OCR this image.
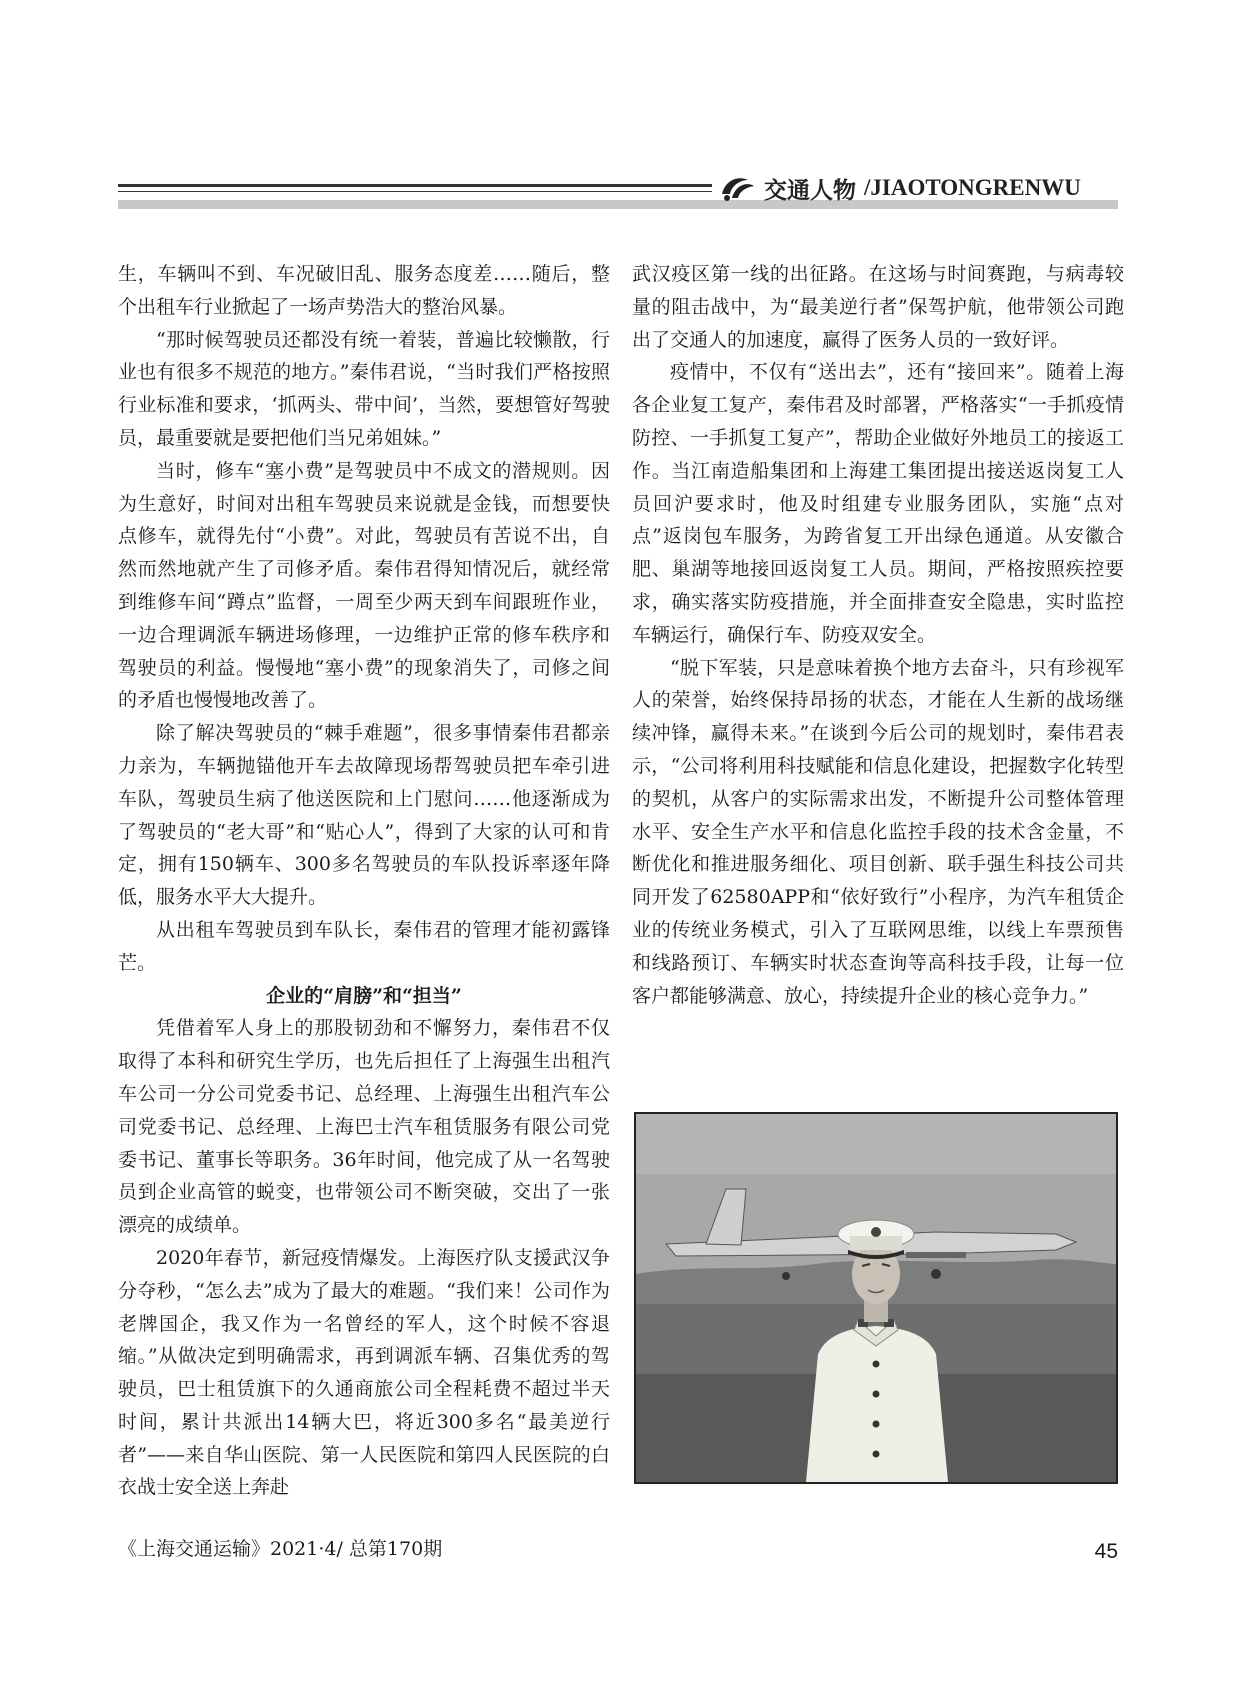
交通人物 /JIAOTONGRENWU

生，车辆叫不到、车况破旧乱、服务态度差……随后，整个出租车行业掀起了一场声势浩大的整治风暴。

“那时候驾驶员还都没有统一着装，普遍比较懒散，行业也有很多不规范的地方。”秦伟君说，“当时我们严格按照行业标准和要求，‘抓两头、带中间’，当然，要想管好驾驶员，最重要就是要把他们当兄弟姐妹。”

当时，修车“塞小费”是驾驶员中不成文的潜规则。因为生意好，时间对出租车驾驶员来说就是金钱，而想要快点修车，就得先付“小费”。对此，驾驶员有苦说不出，自然而然地就产生了司修矛盾。秦伟君得知情况后，就经常到维修车间“蹲点”监督，一周至少两天到车间跟班作业，一边合理调派车辆进场修理，一边维护正常的修车秩序和驾驶员的利益。慢慢地“塞小费”的现象消失了，司修之间的矛盾也慢慢地改善了。

除了解决驾驶员的“棘手难题”，很多事情秦伟君都亲力亲为，车辆抛锚他开车去故障现场帮驾驶员把车牵引进车队，驾驶员生病了他送医院和上门慰问……他逐渐成为了驾驶员的“老大哥”和“贴心人”，得到了大家的认可和肯定，拥有150辆车、300多名驾驶员的车队投诉率逐年降低，服务水平大大提升。

从出租车驾驶员到车队长，秦伟君的管理才能初露锋芒。

企业的“肩膀”和“担当”

凭借着军人身上的那股韧劲和不懈努力，秦伟君不仅取得了本科和研究生学历，也先后担任了上海强生出租汽车公司一分公司党委书记、总经理、上海强生出租汽车公司党委书记、总经理、上海巴士汽车租赁服务有限公司党委书记、董事长等职务。36年时间，他完成了从一名驾驶员到企业高管的蜕变，也带领公司不断突破，交出了一张漂亮的成绩单。

2020年春节，新冠疫情爆发。上海医疗队支援武汉争分夺秒，“怎么去”成为了最大的难题。“我们来！公司作为老牌国企，我又作为一名曾经的军人，这个时候不容退缩。”从做决定到明确需求，再到调派车辆、召集优秀的驾驶员，巴士租赁旗下的久通商旅公司全程耗费不超过半天时间，累计共派出14辆大巴，将近300多名“最美逆行者”——来自华山医院、第一人民医院和第四人民医院的白衣战士安全送上奔赴

武汉疫区第一线的出征路。在这场与时间赛跑，与病毒较量的阻击战中，为“最美逆行者”保驾护航，他带领公司跑出了交通人的加速度，赢得了医务人员的一致好评。

疫情中，不仅有“送出去”，还有“接回来”。随着上海各企业复工复产，秦伟君及时部署，严格落实“一手抓疫情防控、一手抓复工复产”，帮助企业做好外地员工的接返工作。当江南造船集团和上海建工集团提出接送返岗复工人员回沪要求时，他及时组建专业服务团队，实施“点对点”返岗包车服务，为跨省复工开出绿色通道。从安徽合肥、巢湖等地接回返岗复工人员。期间，严格按照疾控要求，确实落实防疫措施，并全面排查安全隐患，实时监控车辆运行，确保行车、防疫双安全。

“脱下军装，只是意味着换个地方去奋斗，只有珍视军人的荣誉，始终保持昂扬的状态，才能在人生新的战场继续冲锋，赢得未来。”在谈到今后公司的规划时，秦伟君表示，“公司将利用科技赋能和信息化建设，把握数字化转型的契机，从客户的实际需求出发，不断提升公司整体管理水平、安全生产水平和信息化监控手段的技术含金量，不断优化和推进服务细化、项目创新、联手强生科技公司共同开发了62580APP和“依好致行”小程序，为汽车租赁企业的传统业务模式，引入了互联网思维，以线上车票预售和线路预订、车辆实时状态查询等高科技手段，让每一位客户都能够满意、放心，持续提升企业的核心竞争力。”

《上海交通运输》2021·4/ 总第170期	45
